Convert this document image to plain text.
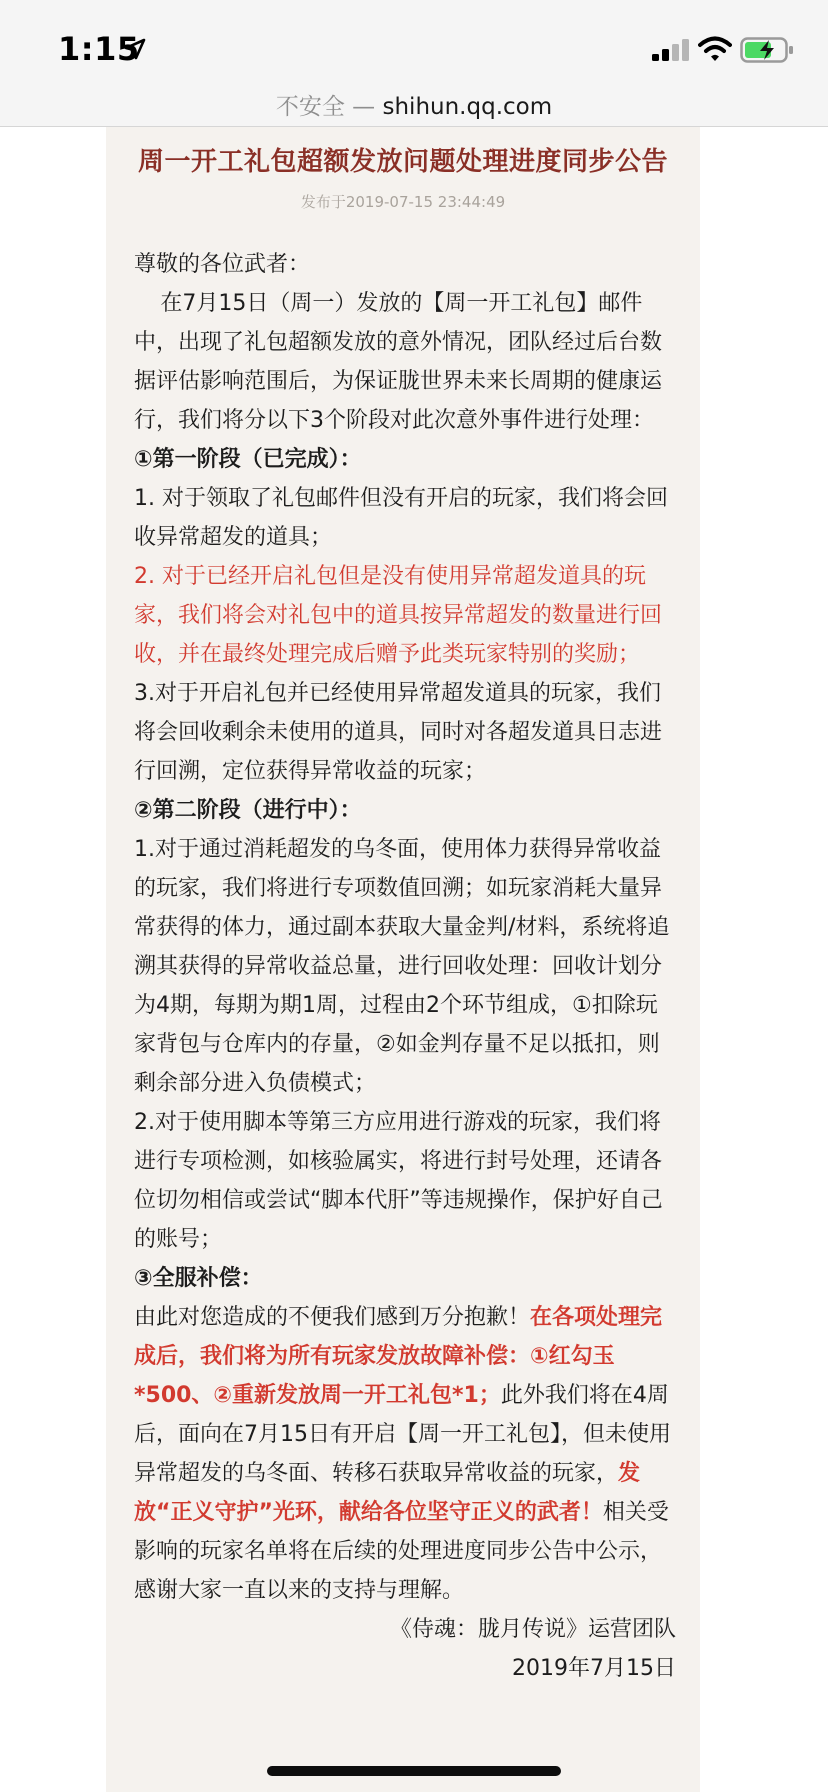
1:15
不安全 — shihun.qq.com
周一开工礼包超额发放问题处理进度同步公告
发布于2019-07-15 23:44:49

尊敬的各位武者：

在7月15日（周一）发放的【周一开工礼包】邮件中，出现了礼包超额发放的意外情况，团队经过后台数据评估影响范围后，为保证胧世界未来长周期的健康运行，我们将分以下3个阶段对此次意外事件进行处理：

①第一阶段（已完成）：

1. 对于领取了礼包邮件但没有开启的玩家，我们将会回收异常超发的道具；

2. 对于已经开启礼包但是没有使用异常超发道具的玩家，我们将会对礼包中的道具按异常超发的数量进行回收，并在最终处理完成后赠予此类玩家特别的奖励；

3.对于开启礼包并已经使用异常超发道具的玩家，我们将会回收剩余未使用的道具，同时对各超发道具日志进行回溯，定位获得异常收益的玩家；

②第二阶段（进行中）：

1.对于通过消耗超发的乌冬面，使用体力获得异常收益的玩家，我们将进行专项数值回溯；如玩家消耗大量异常获得的体力，通过副本获取大量金判/材料，系统将追溯其获得的异常收益总量，进行回收处理：回收计划分为4期，每期为期1周，过程由2个环节组成，①扣除玩家背包与仓库内的存量，②如金判存量不足以抵扣，则剩余部分进入负债模式；

2.对于使用脚本等第三方应用进行游戏的玩家，我们将进行专项检测，如核验属实，将进行封号处理，还请各位切勿相信或尝试“脚本代肝”等违规操作，保护好自己的账号；

③全服补偿：

由此对您造成的不便我们感到万分抱歉！在各项处理完成后，我们将为所有玩家发放故障补偿：①红勾玉*500、②重新发放周一开工礼包*1；此外我们将在4周后，面向在7月15日有开启【周一开工礼包】，但未使用异常超发的乌冬面、转移石获取异常收益的玩家，发放“正义守护”光环，献给各位坚守正义的武者！相关受影响的玩家名单将在后续的处理进度同步公告中公示，感谢大家一直以来的支持与理解。

《侍魂：胧月传说》运营团队

2019年7月15日
